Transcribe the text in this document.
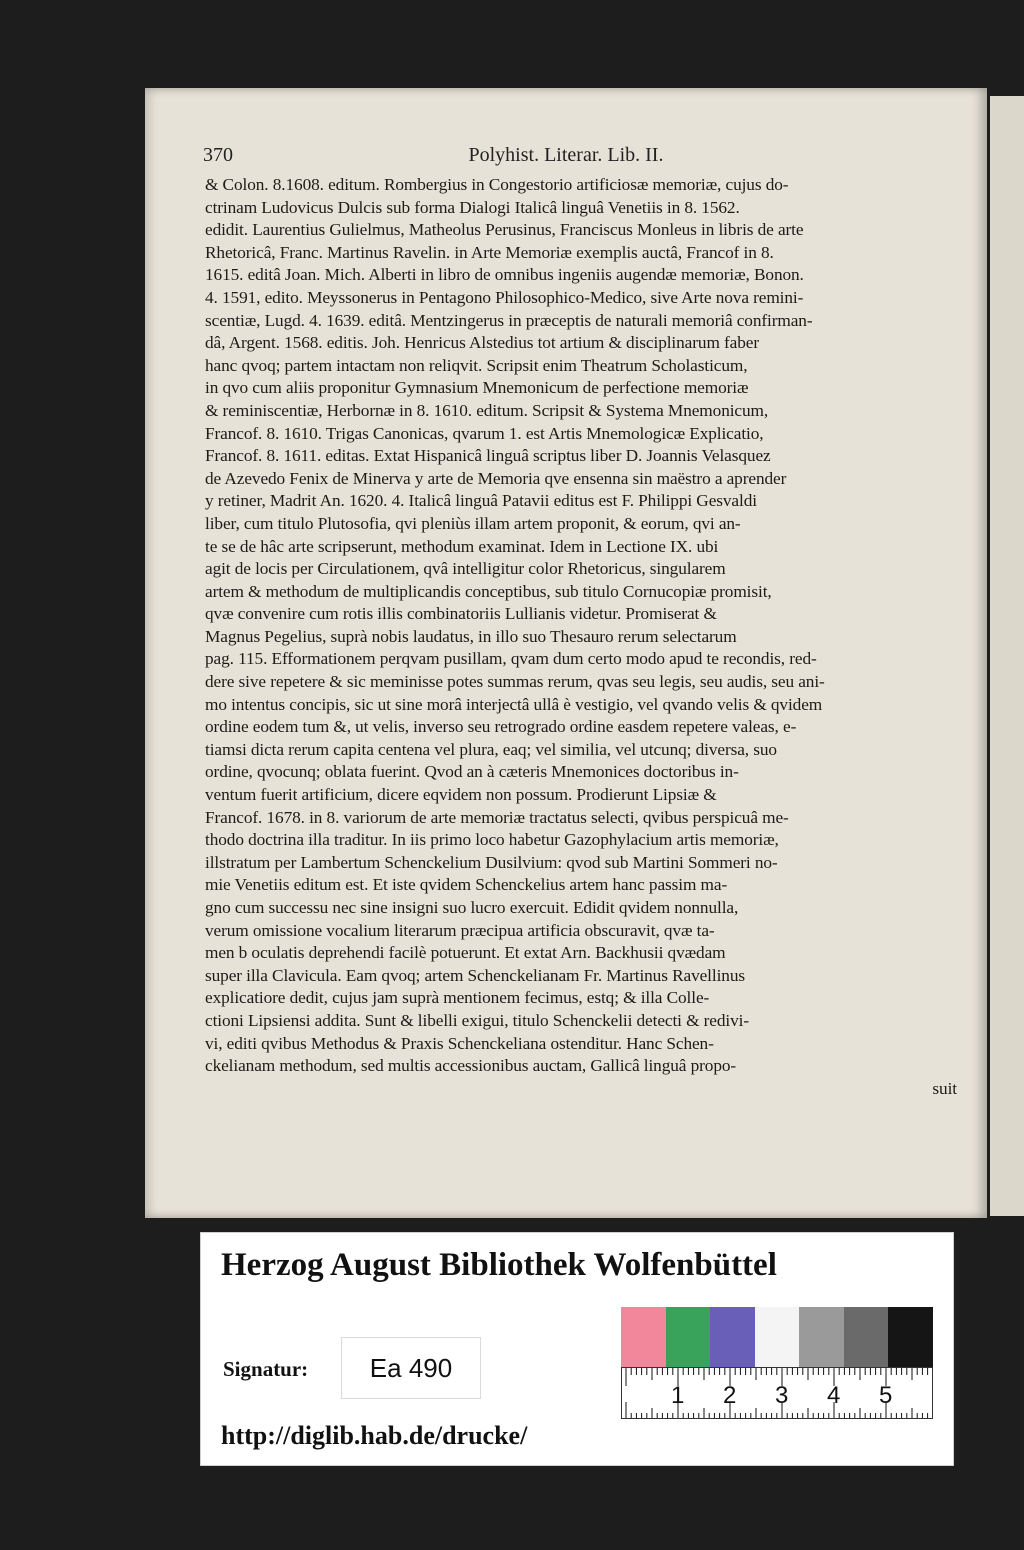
370	Polyhist. Literar. Lib. II.
& Colon. 8.1608. editum. Rombergius in Congestorio artificiosæ memoriæ, cujus do-
ctrinam Ludovicus Dulcis sub forma Dialogi Italicâ linguâ Venetiis in 8. 1562.
edidit. Laurentius Gulielmus, Matheolus Perusinus, Franciscus Monleus in libris de arte
Rhetoricâ, Franc. Martinus Ravelin. in Arte Memoriæ exemplis auctâ, Francof in 8.
1615. editâ Joan. Mich. Alberti in libro de omnibus ingeniis augendæ memoriæ, Bonon.
4. 1591, edito. Meyssonerus in Pentagono Philosophico-Medico, sive Arte nova remini-
scentiæ, Lugd. 4. 1639. editâ. Mentzingerus in præceptis de naturali memoriâ confirman-
dâ, Argent. 1568. editis. Joh. Henricus Alstedius tot artium & disciplinarum faber
hanc qvoq; partem intactam non reliqvit. Scripsit enim Theatrum Scholasticum,
in qvo cum aliis proponitur Gymnasium Mnemonicum de perfectione memoriæ
& reminiscentiæ, Herbornæ in 8. 1610. editum. Scripsit & Systema Mnemonicum,
Francof. 8. 1610. Trigas Canonicas, qvarum 1. est Artis Mnemologicæ Explicatio,
Francof. 8. 1611. editas. Extat Hispanicâ linguâ scriptus liber D. Joannis Velasquez
de Azevedo Fenix de Minerva y arte de Memoria qve ensenna sin maëstro a aprender
y retiner, Madrit An. 1620. 4. Italicâ linguâ Patavii editus est F. Philippi Gesvaldi
liber, cum titulo Plutosofia, qvi pleniùs illam artem proponit, & eorum, qvi an-
te se de hâc arte scripserunt, methodum examinat. Idem in Lectione IX. ubi
agit de locis per Circulationem, qvâ intelligitur color Rhetoricus, singularem
artem & methodum de multiplicandis conceptibus, sub titulo Cornucopiæ promisit,
qvæ convenire cum rotis illis combinatoriis Lullianis videtur. Promiserat &
Magnus Pegelius, suprà nobis laudatus, in illo suo Thesauro rerum selectarum
pag. 115. Efformationem perqvam pusillam, qvam dum certo modo apud te recondis, red-
dere sive repetere & sic meminisse potes summas rerum, qvas seu legis, seu audis, seu ani-
mo intentus concipis, sic ut sine morâ interjectâ ullâ è vestigio, vel qvando velis & qvidem
ordine eodem tum &, ut velis, inverso seu retrogrado ordine easdem repetere valeas, e-
tiamsi dicta rerum capita centena vel plura, eaq; vel similia, vel utcunq; diversa, suo
ordine, qvocunq; oblata fuerint. Qvod an à cæteris Mnemonices doctoribus in-
ventum fuerit artificium, dicere eqvidem non possum. Prodierunt Lipsiæ &
Francof. 1678. in 8. variorum de arte memoriæ tractatus selecti, qvibus perspicuâ me-
thodo doctrina illa traditur. In iis primo loco habetur Gazophylacium artis memoriæ,
illstratum per Lambertum Schenckelium Dusilvium: qvod sub Martini Sommeri no-
mie Venetiis editum est. Et iste qvidem Schenckelius artem hanc passim ma-
gno cum successu nec sine insigni suo lucro exercuit. Edidit qvidem nonnulla,
verum omissione vocalium literarum præcipua artificia obscuravit, qvæ ta-
men b oculatis deprehendi facilè potuerunt. Et extat Arn. Backhusii qvædam
super illa Clavicula. Eam qvoq; artem Schenckelianam Fr. Martinus Ravellinus
explicatiore dedit, cujus jam suprà mentionem fecimus, estq; & illa Colle-
ctioni Lipsiensi addita. Sunt & libelli exigui, titulo Schenckelii detecti & redivi-
vi, editi qvibus Methodus & Praxis Schenckeliana ostenditur. Hanc Schen-
ckelianam methodum, sed multis accessionibus auctam, Gallicâ linguâ propo-
suit
Herzog August Bibliothek Wolfenbüttel
1 2 3 4 5
Signatur:	Ea 490
http://diglib.hab.de/drucke/
